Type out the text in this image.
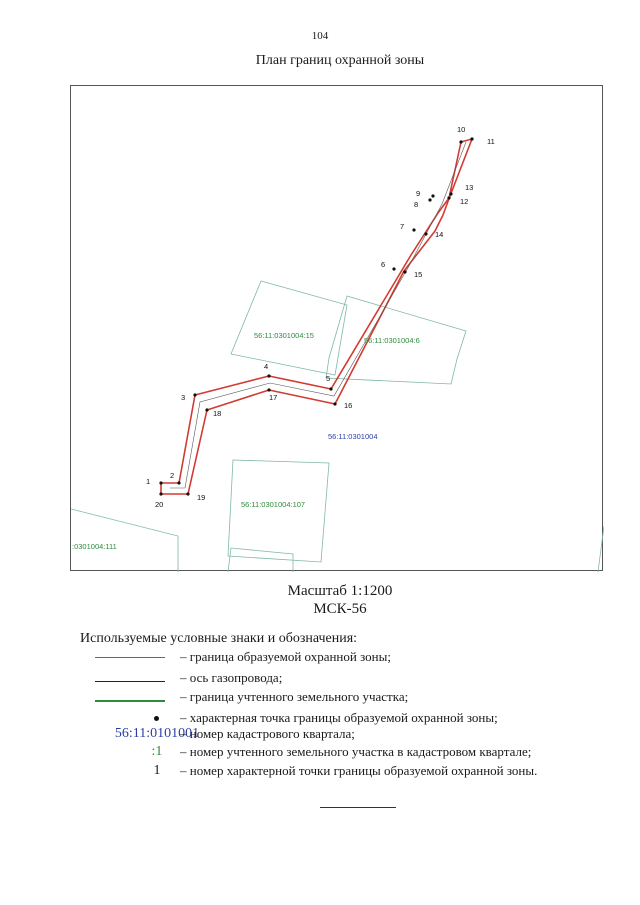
104
План границ охранной зоны
1
2
3
4
5
6
7
8
9
10
11
12
13
14
15
16
17
18
19
20
56:11:0301004:15
56:11:0301004:6
56:11:0301004:107
:0301004:111
56:11:0301004
Масштаб 1:1200
МСК-56
Используемые условные знаки и обозначения:
– граница образуемой охранной зоны;
– ось газопровода;
– граница учтенного земельного участка;
– характерная точка границы образуемой охранной зоны;
56:11:0101001
– номер кадастрового квартала;
:1	– номер учтенного земельного участка в кадастровом квартале;
1	– номер характерной точки границы образуемой охранной зоны.
